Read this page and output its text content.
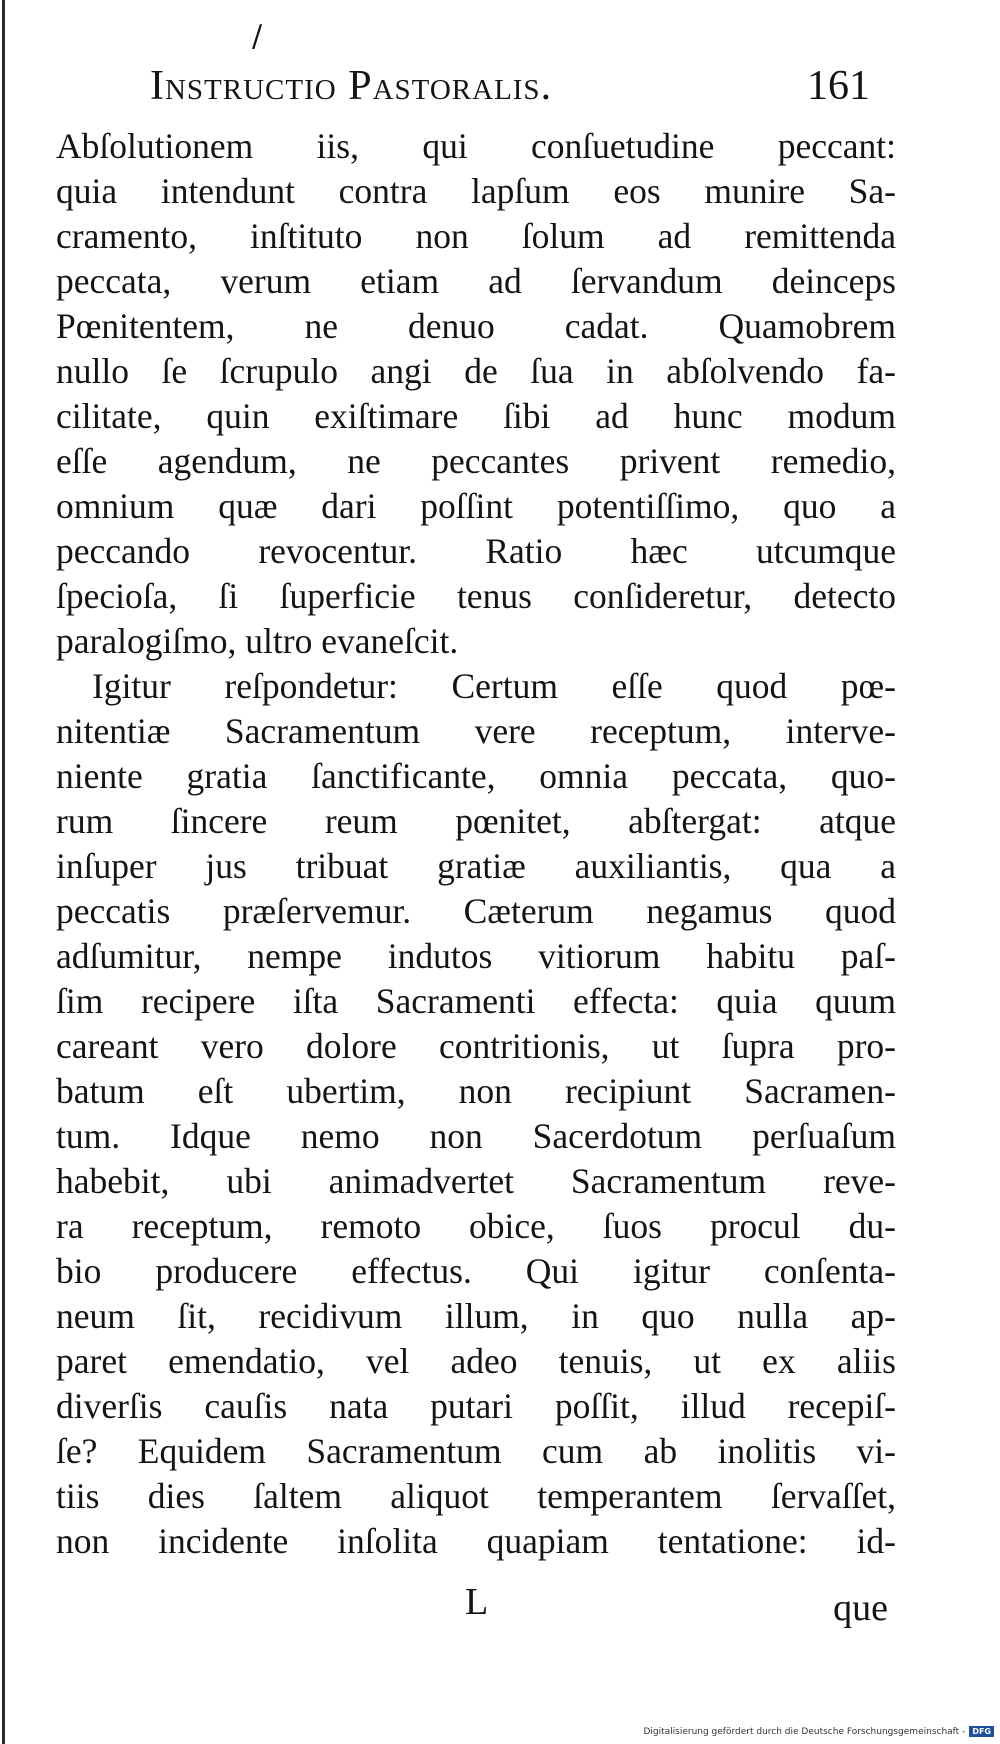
/
Instructio Pastoralis.	161
Abſolutionem iis, qui conſuetudine peccant:
quia intendunt contra lapſum eos munire Sa-
cramento, inſtituto non ſolum ad remittenda
peccata, verum etiam ad ſervandum deinceps
Pœnitentem, ne denuo cadat. Quamobrem
nullo ſe ſcrupulo angi de ſua in abſolvendo fa-
cilitate, quin exiſtimare ſibi ad hunc modum
eſſe agendum, ne peccantes privent remedio,
omnium quæ dari poſſint potentiſſimo, quo a
peccando revocentur. Ratio hæc utcumque
ſpecioſa, ſi ſuperficie tenus conſideretur, detecto
paralogiſmo, ultro evaneſcit.
Igitur reſpondetur: Certum eſſe quod pœ-
nitentiæ Sacramentum vere receptum, interve-
niente gratia ſanctificante, omnia peccata, quo-
rum ſincere reum pœnitet, abſtergat: atque
inſuper jus tribuat gratiæ auxiliantis, qua a
peccatis præſervemur. Cæterum negamus quod
adſumitur, nempe indutos vitiorum habitu paſ-
ſim recipere iſta Sacramenti effecta: quia quum
careant vero dolore contritionis, ut ſupra pro-
batum eſt ubertim, non recipiunt Sacramen-
tum. Idque nemo non Sacerdotum perſuaſum
habebit, ubi animadvertet Sacramentum reve-
ra receptum, remoto obice, ſuos procul du-
bio producere effectus. Qui igitur conſenta-
neum ſit, recidivum illum, in quo nulla ap-
paret emendatio, vel adeo tenuis, ut ex aliis
diverſis cauſis nata putari poſſit, illud recepiſ-
ſe? Equidem Sacramentum cum ab inolitis vi-
tiis dies ſaltem aliquot temperantem ſervaſſet,
non incidente inſolita quapiam tentatione: id-
L	que
Digitalisierung gefördert durch die Deutsche Forschungsgemeinschaft - DFG
